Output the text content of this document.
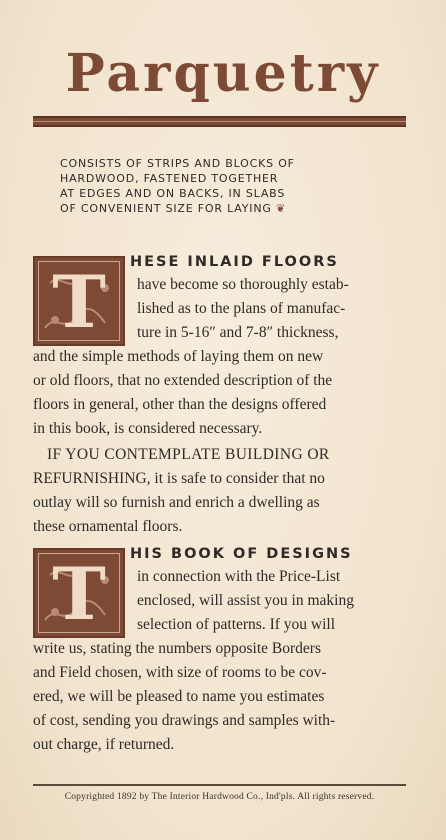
Parquetry
CONSISTS OF STRIPS AND BLOCKS OF
HARDWOOD, FASTENED TOGETHER
AT EDGES AND ON BACKS, IN SLABS
OF CONVENIENT SIZE FOR LAYING ❦
T	HESE INLAID FLOORS
have become so thoroughly estab-
lished as to the plans of manufac-
ture in 5-16″ and 7-8″ thickness,
and the simple methods of laying them on new
or old floors, that no extended description of the
floors in general, other than the designs offered
in this book, is considered necessary.
IF YOU CONTEMPLATE BUILDING OR
REFURNISHING, it is safe to consider that no
outlay will so furnish and enrich a dwelling as
these ornamental floors.
T	HIS BOOK OF DESIGNS
in connection with the Price-List
enclosed, will assist you in making
selection of patterns. If you will
write us, stating the numbers opposite Borders
and Field chosen, with size of rooms to be cov-
ered, we will be pleased to name you estimates
of cost, sending you drawings and samples with-
out charge, if returned.
Copyrighted 1892 by The Interior Hardwood Co., Ind'pls. All rights reserved.
